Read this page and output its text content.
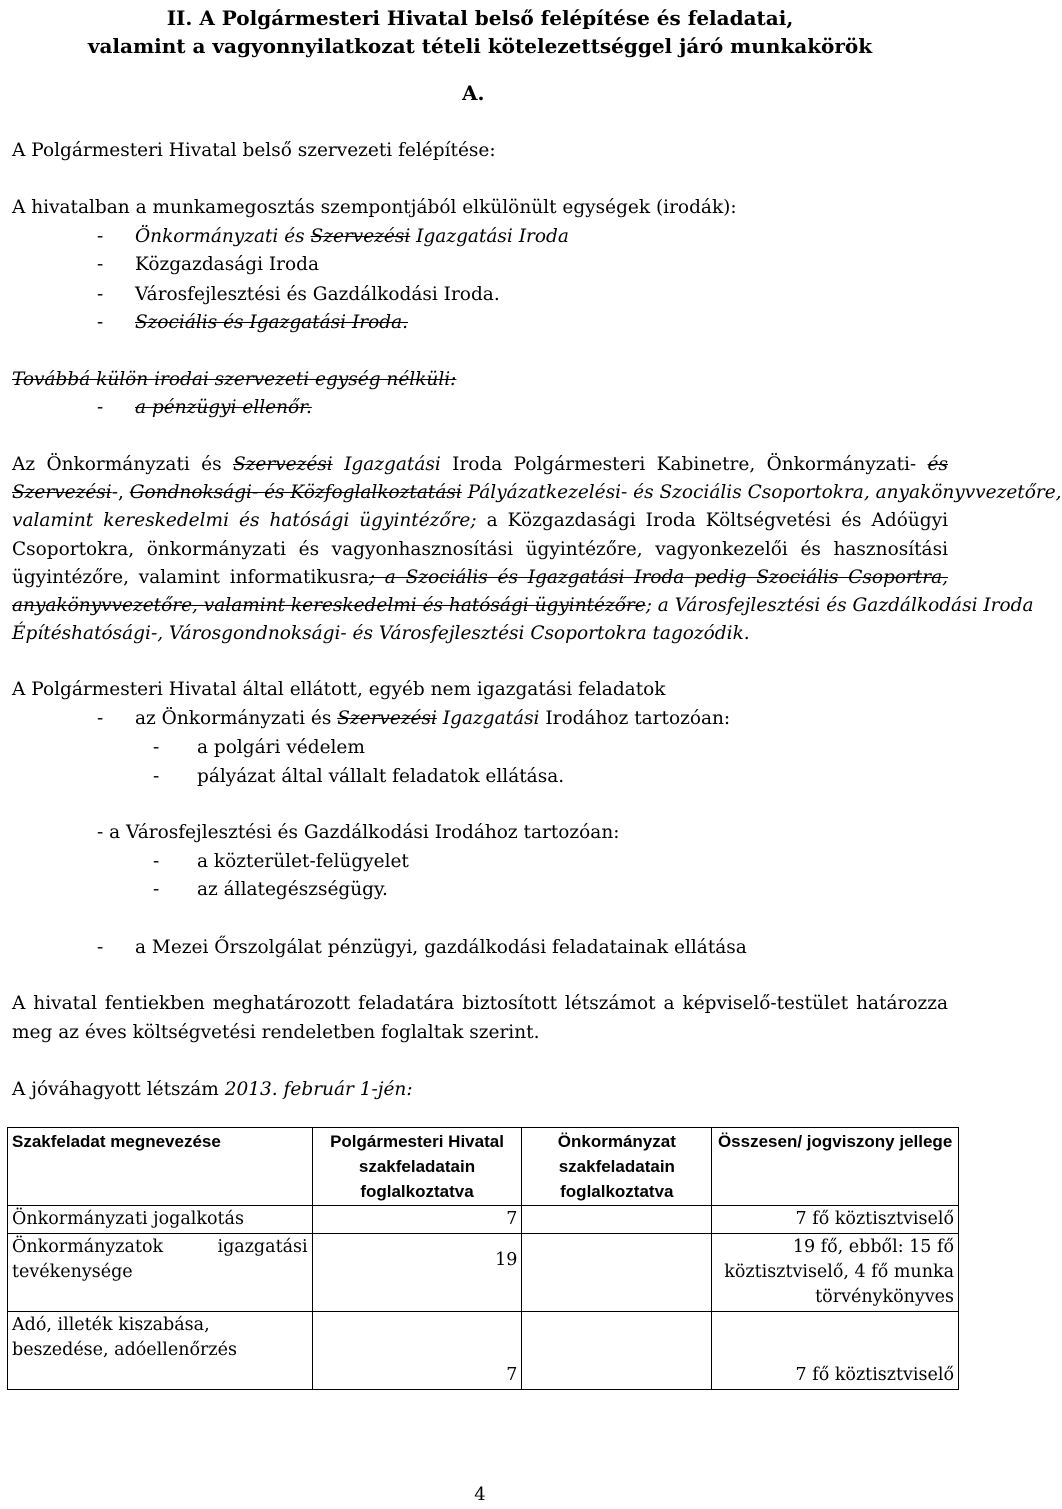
II. A Polgármesteri Hivatal belső felépítése és feladatai,
valamint a vagyonnyilatkozat tételi kötelezettséggel járó munkakörök
A.
A Polgármesteri Hivatal belső szervezeti felépítése:
A hivatalban a munkamegosztás szempontjából elkülönült egységek (irodák):
- Önkormányzati és Szervezési Igazgatási Iroda
- Közgazdasági Iroda
- Városfejlesztési és Gazdálkodási Iroda.
- Szociális és Igazgatási Iroda.
Továbbá külön irodai szervezeti egység nélküli:
- a pénzügyi ellenőr.
Az Önkormányzati és Szervezési Igazgatási Iroda Polgármesteri Kabinetre, Önkormányzati- és
Szervezési-, Gondnoksági- és Közfoglalkoztatási Pályázatkezelési- és Szociális Csoportokra, anyakönyvvezetőre,
valamint kereskedelmi és hatósági ügyintézőre; a Közgazdasági Iroda Költségvetési és Adóügyi
Csoportokra, önkormányzati és vagyonhasznosítási ügyintézőre, vagyonkezelői és hasznosítási
ügyintézőre, valamint informatikusra; a Szociális és Igazgatási Iroda pedig Szociális Csoportra,
anyakönyvvezetőre, valamint kereskedelmi és hatósági ügyintézőre; a Városfejlesztési és Gazdálkodási Iroda
Építéshatósági-, Városgondnoksági- és Városfejlesztési Csoportokra tagozódik.
A Polgármesteri Hivatal által ellátott, egyéb nem igazgatási feladatok
- az Önkormányzati és Szervezési Igazgatási Irodához tartozóan:
- a polgári védelem
- pályázat által vállalt feladatok ellátása.
- a Városfejlesztési és Gazdálkodási Irodához tartozóan:
- a közterület-felügyelet
- az állategészségügy.
- a Mezei Őrszolgálat pénzügyi, gazdálkodási feladatainak ellátása
A hivatal fentiekben meghatározott feladatára biztosított létszámot a képviselő-testület határozza
meg az éves költségvetési rendeletben foglaltak szerint.
A jóváhagyott létszám 2013. február 1-jén:
Szakfeladat megnevezése	Polgármesteri Hivatal szakfeladatain foglalkoztatva	Önkormányzat szakfeladatain foglalkoztatva	Összesen/ jogviszony jellege
Önkormányzati jogalkotás	7		7 fő köztisztviselő
Önkormányzatok igazgatási tevékenysége	19		19 fő, ebből: 15 fő köztisztviselő, 4 fő munka törvénykönyves
Adó, illeték kiszabása, beszedése, adóellenőrzés	7		7 fő köztisztviselő
4
